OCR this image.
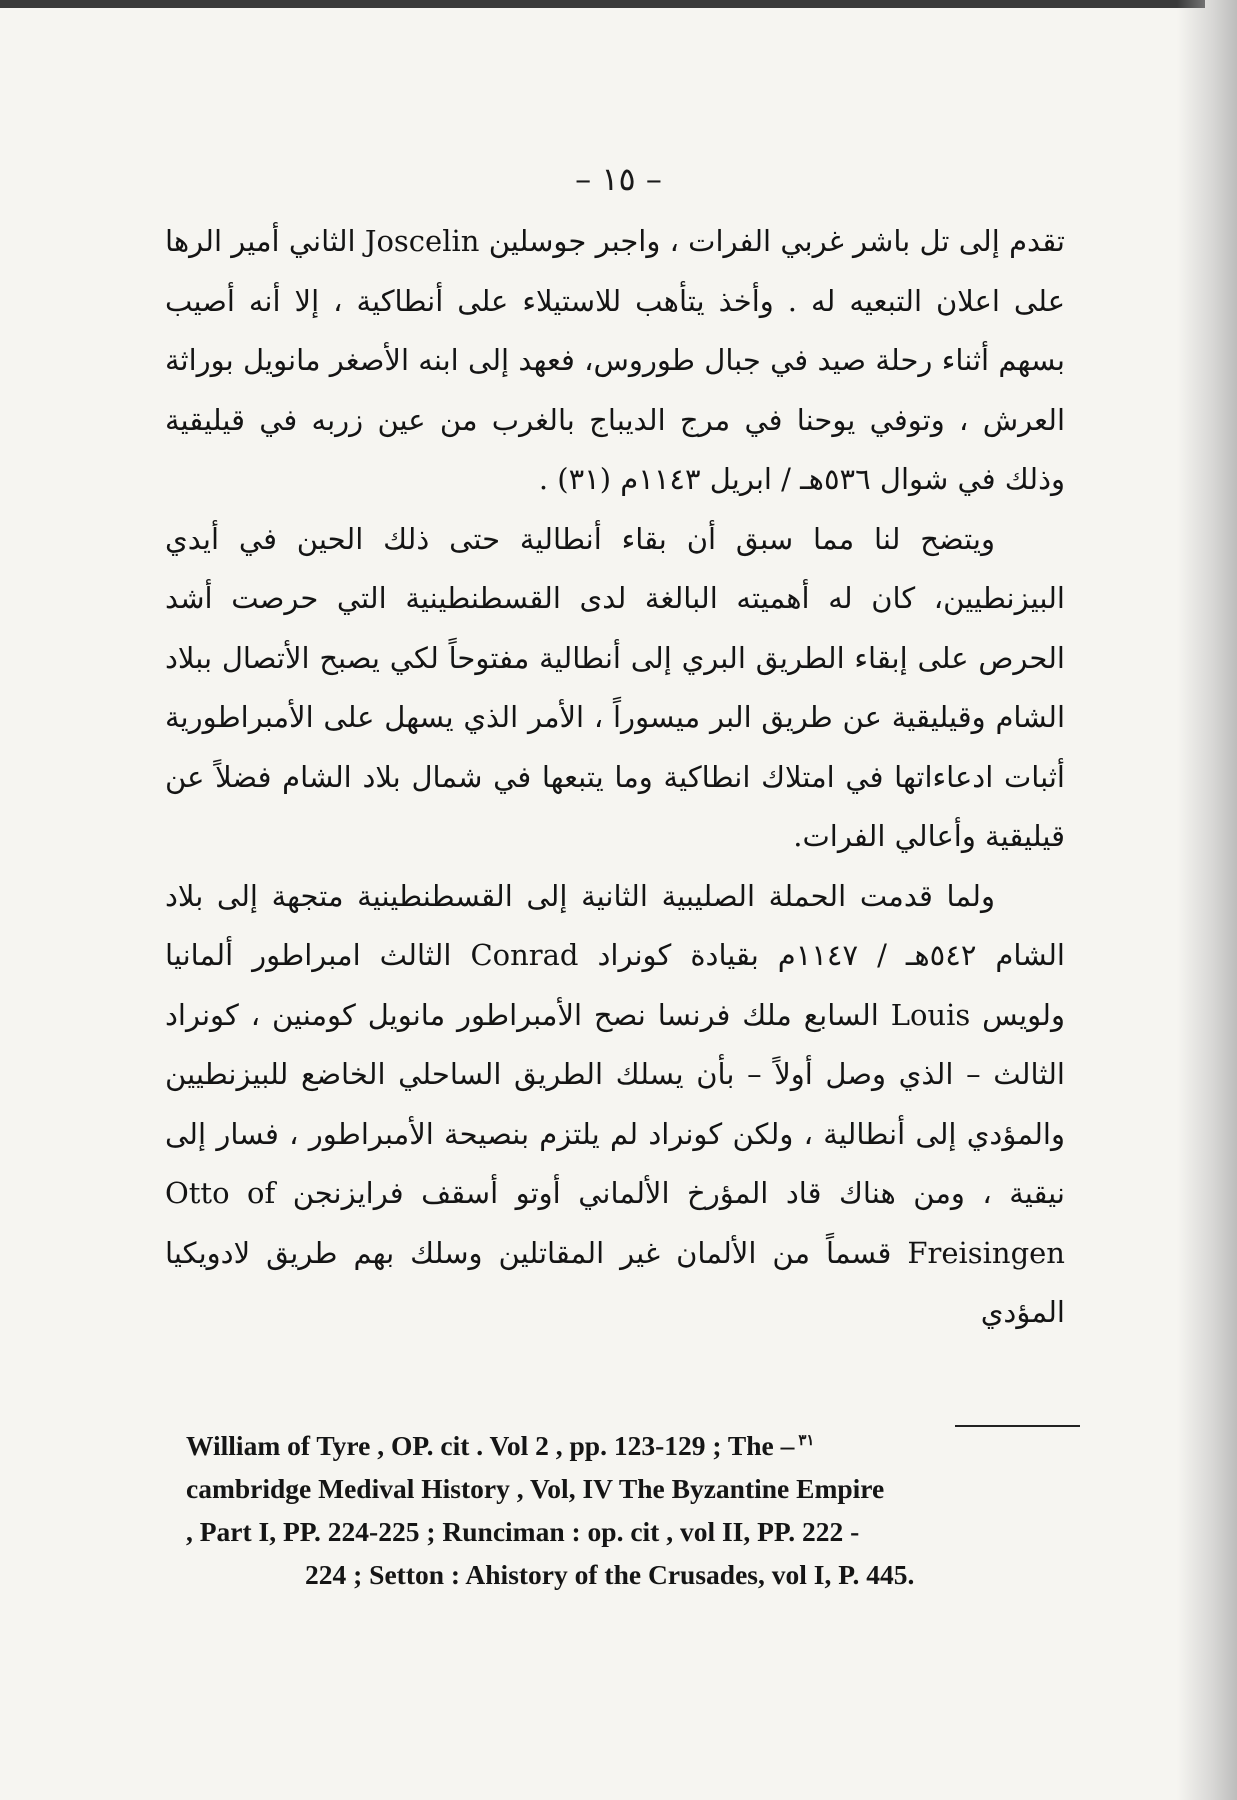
– ١٥ –

تقدم إلى تل باشر غربي الفرات ، واجبر جوسلين Joscelin الثاني أمير الرها على اعلان التبعيه له . وأخذ يتأهب للاستيلاء على أنطاكية ، إلا أنه أصيب بسهم أثناء رحلة صيد في جبال طوروس، فعهد إلى ابنه الأصغر مانويل بوراثة العرش ، وتوفي يوحنا في مرج الديباج بالغرب من عين زربه في قيليقية وذلك في شوال ٥٣٦هـ / ابريل ١١٤٣م (٣١) .

ويتضح لنا مما سبق أن بقاء أنطالية حتى ذلك الحين في أيدي البيزنطيين، كان له أهميته البالغة لدى القسطنطينية التي حرصت أشد الحرص على إبقاء الطريق البري إلى أنطالية مفتوحاً لكي يصبح الأتصال ببلاد الشام وقيليقية عن طريق البر ميسوراً ، الأمر الذي يسهل على الأمبراطورية أثبات ادعاءاتها في امتلاك انطاكية وما يتبعها في شمال بلاد الشام فضلاً عن قيليقية وأعالي الفرات.

ولما قدمت الحملة الصليبية الثانية إلى القسطنطينية متجهة إلى بلاد الشام ٥٤٢هـ / ١١٤٧م بقيادة كونراد Conrad الثالث امبراطور ألمانيا ولويس Louis السابع ملك فرنسا نصح الأمبراطور مانويل كومنين ، كونراد الثالث – الذي وصل أولاً – بأن يسلك الطريق الساحلي الخاضع للبيزنطيين والمؤدي إلى أنطالية ، ولكن كونراد لم يلتزم بنصيحة الأمبراطور ، فسار إلى نيقية ، ومن هناك قاد المؤرخ الألماني أوتو أسقف فرايزنجن Otto of Freisingen قسماً من الألمان غير المقاتلين وسلك بهم طريق لادويكيا المؤدي

William of Tyre , OP. cit . Vol 2 , pp. 123-129 ; The – $^{٣١}$
cambridge Medival History , Vol, IV The Byzantine Empire
, Part I, PP. 224-225 ; Runciman : op. cit , vol II, PP. 222 -
224 ; Setton : Ahistory of the Crusades, vol I, P. 445.
